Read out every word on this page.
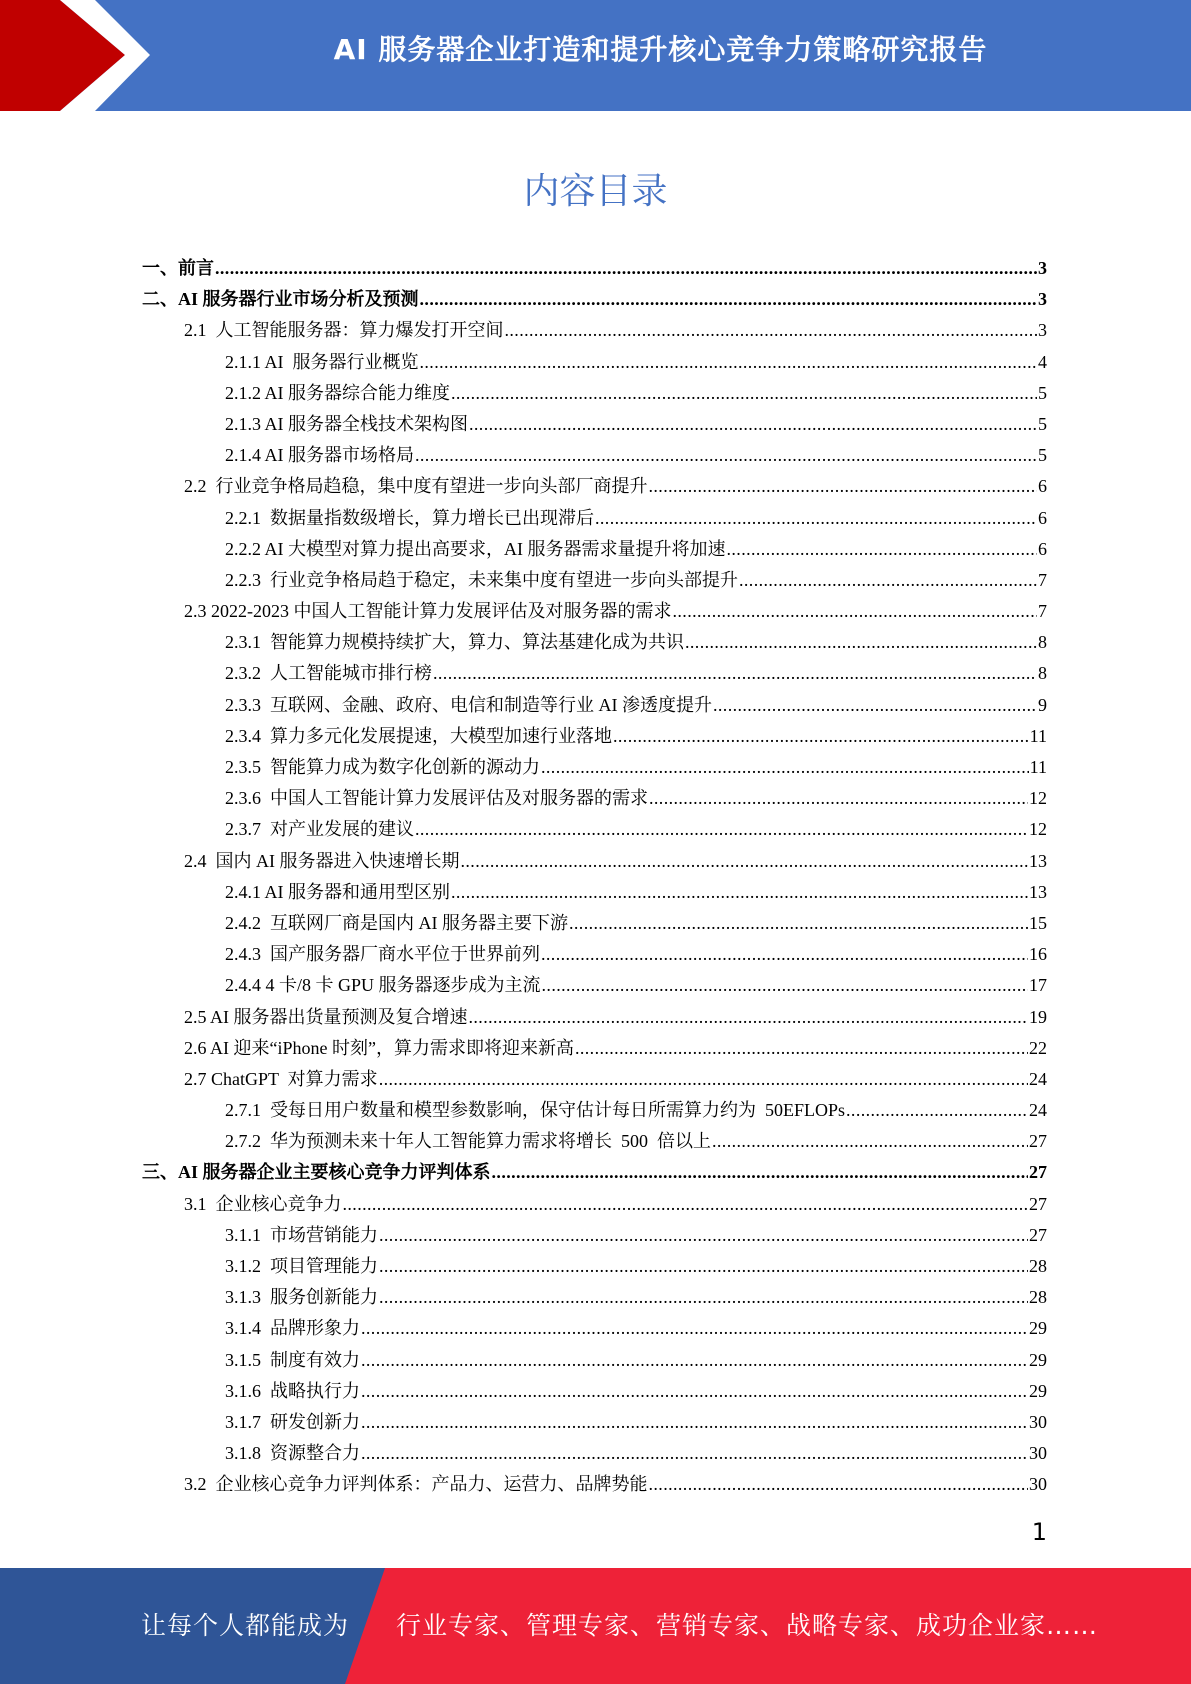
AI 服务器企业打造和提升核心竞争力策略研究报告
内容目录
一、前言 .....	3
二、AI 服务器行业市场分析及预测 .....	3
2.1  人工智能服务器：算力爆发打开空间 .....	3
2.1.1 AI  服务器行业概览 .....	4
2.1.2 AI 服务器综合能力维度 .....	5
2.1.3 AI 服务器全栈技术架构图 .....	5
2.1.4 AI 服务器市场格局 .....	5
2.2  行业竞争格局趋稳，集中度有望进一步向头部厂商提升 .....	6
2.2.1  数据量指数级增长，算力增长已出现滞后 .....	6
2.2.2 AI 大模型对算力提出高要求，AI 服务器需求量提升将加速 .....	6
2.2.3  行业竞争格局趋于稳定，未来集中度有望进一步向头部提升 .....	7
2.3 2022-2023 中国人工智能计算力发展评估及对服务器的需求 .....	7
2.3.1  智能算力规模持续扩大，算力、算法基建化成为共识 .....	8
2.3.2  人工智能城市排行榜 .....	8
2.3.3  互联网、金融、政府、电信和制造等行业 AI 渗透度提升 .....	9
2.3.4  算力多元化发展提速，大模型加速行业落地 .....	11
2.3.5  智能算力成为数字化创新的源动力 .....	11
2.3.6  中国人工智能计算力发展评估及对服务器的需求 .....	12
2.3.7  对产业发展的建议 .....	12
2.4  国内 AI 服务器进入快速增长期 .....	13
2.4.1 AI 服务器和通用型区别 .....	13
2.4.2  互联网厂商是国内 AI 服务器主要下游 .....	15
2.4.3  国产服务器厂商水平位于世界前列 .....	16
2.4.4 4 卡/8 卡 GPU 服务器逐步成为主流 .....	17
2.5 AI 服务器出货量预测及复合增速 .....	19
2.6 AI 迎来“iPhone 时刻”，算力需求即将迎来新高 .....	22
2.7 ChatGPT  对算力需求 .....	24
2.7.1  受每日用户数量和模型参数影响，保守估计每日所需算力约为  50EFLOPs .....	24
2.7.2  华为预测未来十年人工智能算力需求将增长  500  倍以上 .....	27
三、AI 服务器企业主要核心竞争力评判体系 .....	27
3.1  企业核心竞争力 .....	27
3.1.1  市场营销能力 .....	27
3.1.2  项目管理能力 .....	28
3.1.3  服务创新能力 .....	28
3.1.4  品牌形象力 .....	29
3.1.5  制度有效力 .....	29
3.1.6  战略执行力 .....	29
3.1.7  研发创新力 .....	30
3.1.8  资源整合力 .....	30
3.2  企业核心竞争力评判体系：产品力、运营力、品牌势能 .....	30
1
让每个人都能成为 行业专家、管理专家、营销专家、战略专家、成功企业家……
